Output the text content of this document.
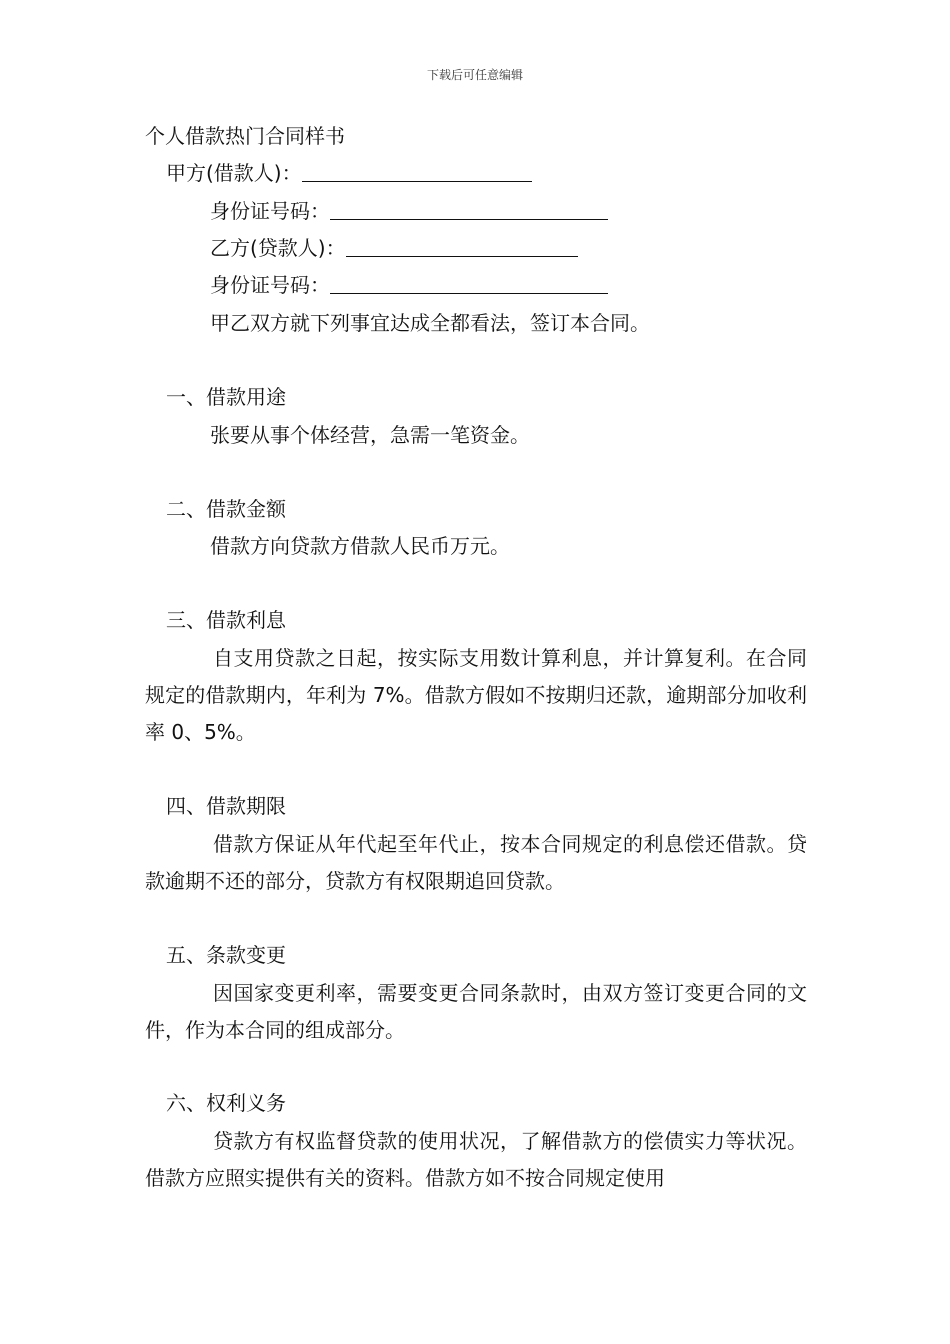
下载后可任意编辑
个人借款热门合同样书
甲方(借款人)：
身份证号码：
乙方(贷款人)：
身份证号码：
甲乙双方就下列事宜达成全都看法，签订本合同。
一、借款用途
张要从事个体经营，急需一笔资金。
二、借款金额
借款方向贷款方借款人民币万元。
三、借款利息

自支用贷款之日起，按实际支用数计算利息，并计算复利。在合同规定的借款期内，年利为 7%。借款方假如不按期归还款，逾期部分加收利率 0、5%。

四、借款期限

借款方保证从年代起至年代止，按本合同规定的利息偿还借款。贷款逾期不还的部分，贷款方有权限期追回贷款。

五、条款变更

因国家变更利率，需要变更合同条款时，由双方签订变更合同的文件，作为本合同的组成部分。

六、权利义务

贷款方有权监督贷款的使用状况，了解借款方的偿债实力等状况。借款方应照实提供有关的资料。借款方如不按合同规定使用
